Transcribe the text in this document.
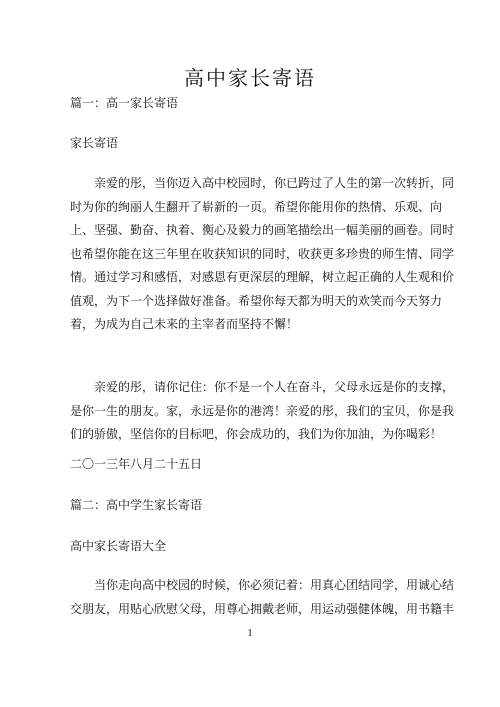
高中家长寄语
篇一：高一家长寄语
家长寄语
亲爱的彤，当你迈入高中校园时，你已跨过了人生的第一次转折，同
时为你的绚丽人生翻开了崭新的一页。希望你能用你的热情、乐观、向
上、坚强、勤奋、执着、衡心及毅力的画笔描绘出一幅美丽的画卷。同时
也希望你能在这三年里在收获知识的同时，收获更多珍贵的师生情、同学
情。通过学习和感悟，对感恩有更深层的理解，树立起正确的人生观和价
值观，为下一个选择做好准备。希望你每天都为明天的欢笑而今天努力
着，为成为自己未来的主宰者而坚持不懈！
亲爱的彤，请你记住：你不是一个人在奋斗，父母永远是你的支撑，
是你一生的朋友。家，永远是你的港湾！亲爱的彤，我们的宝贝，你是我
们的骄傲，坚信你的目标吧，你会成功的，我们为你加油，为你喝彩！
二〇一三年八月二十五日
篇二：高中学生家长寄语
高中家长寄语大全
当你走向高中校园的时候，你必须记着：用真心团结同学，用诚心结
交朋友，用贴心欣慰父母，用尊心拥戴老师，用运动强健体魄，用书籍丰
1
